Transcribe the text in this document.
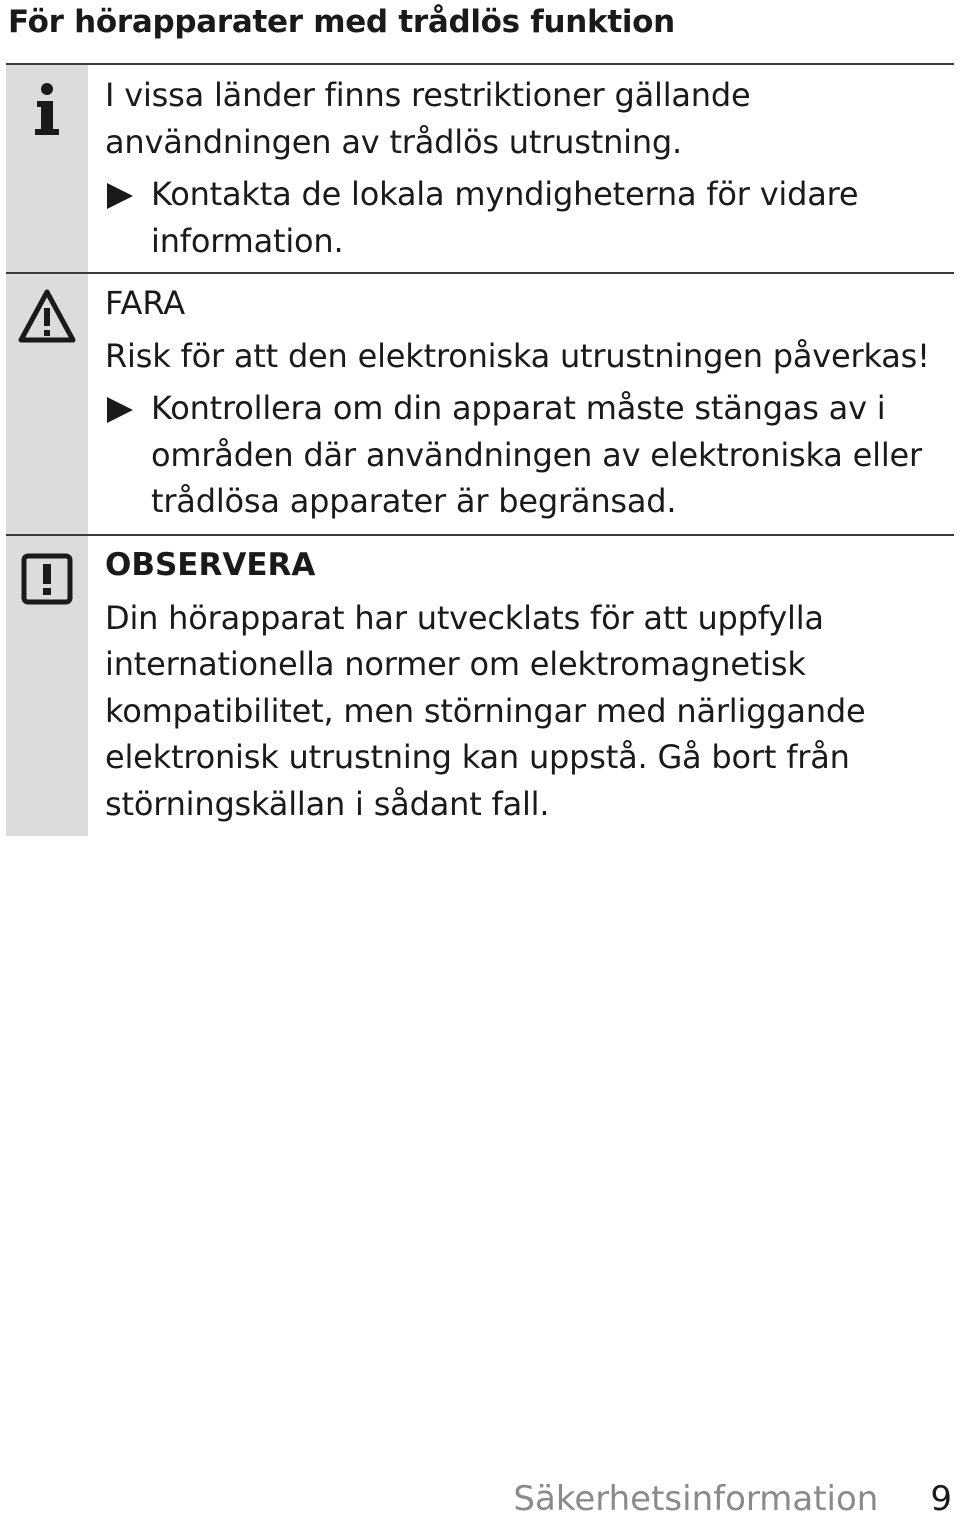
För hörapparater med trådlös funktion

I vissa länder finns restriktioner gällande användningen av trådlös utrustning.

Kontakta de lokala myndigheterna för vidare information.

FARA

Risk för att den elektroniska utrustningen påverkas!

Kontrollera om din apparat måste stängas av i områden där användningen av elektroniska eller trådlösa apparater är begränsad.

OBSERVERA

Din hörapparat har utvecklats för att uppfylla internationella normer om elektromagnetisk kompatibilitet, men störningar med närliggande elektronisk utrustning kan uppstå. Gå bort från störningskällan i sådant fall.

Säkerhetsinformation 9
